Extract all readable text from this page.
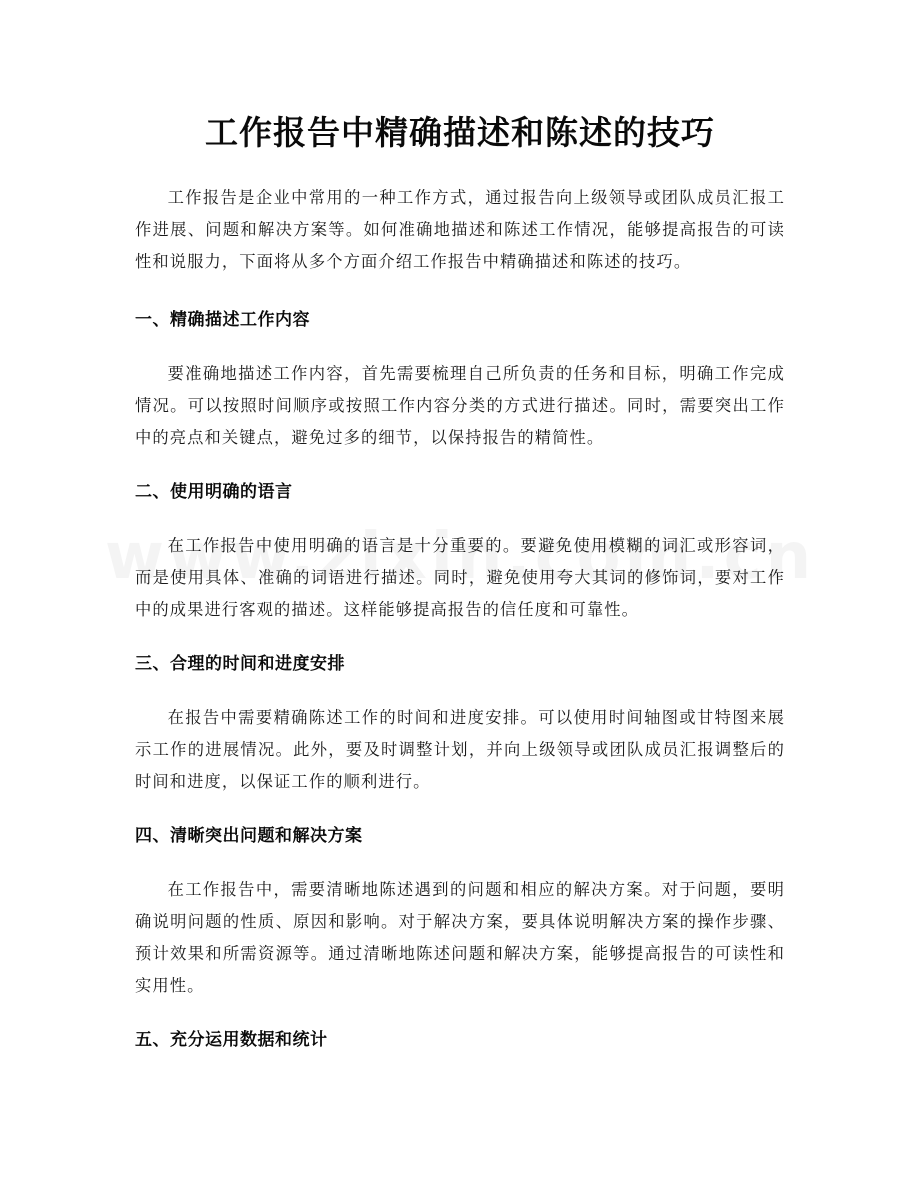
工作报告中精确描述和陈述的技巧

工作报告是企业中常用的一种工作方式，通过报告向上级领导或团队成员汇报工作进展、问题和解决方案等。如何准确地描述和陈述工作情况，能够提高报告的可读性和说服力，下面将从多个方面介绍工作报告中精确描述和陈述的技巧。

一、精确描述工作内容

要准确地描述工作内容，首先需要梳理自己所负责的任务和目标，明确工作完成情况。可以按照时间顺序或按照工作内容分类的方式进行描述。同时，需要突出工作中的亮点和关键点，避免过多的细节，以保持报告的精简性。

二、使用明确的语言

在工作报告中使用明确的语言是十分重要的。要避免使用模糊的词汇或形容词，而是使用具体、准确的词语进行描述。同时，避免使用夸大其词的修饰词，要对工作中的成果进行客观的描述。这样能够提高报告的信任度和可靠性。

三、合理的时间和进度安排

在报告中需要精确陈述工作的时间和进度安排。可以使用时间轴图或甘特图来展示工作的进展情况。此外，要及时调整计划，并向上级领导或团队成员汇报调整后的时间和进度，以保证工作的顺利进行。

四、清晰突出问题和解决方案

在工作报告中，需要清晰地陈述遇到的问题和相应的解决方案。对于问题，要明确说明问题的性质、原因和影响。对于解决方案，要具体说明解决方案的操作步骤、预计效果和所需资源等。通过清晰地陈述问题和解决方案，能够提高报告的可读性和实用性。

五、充分运用数据和统计
